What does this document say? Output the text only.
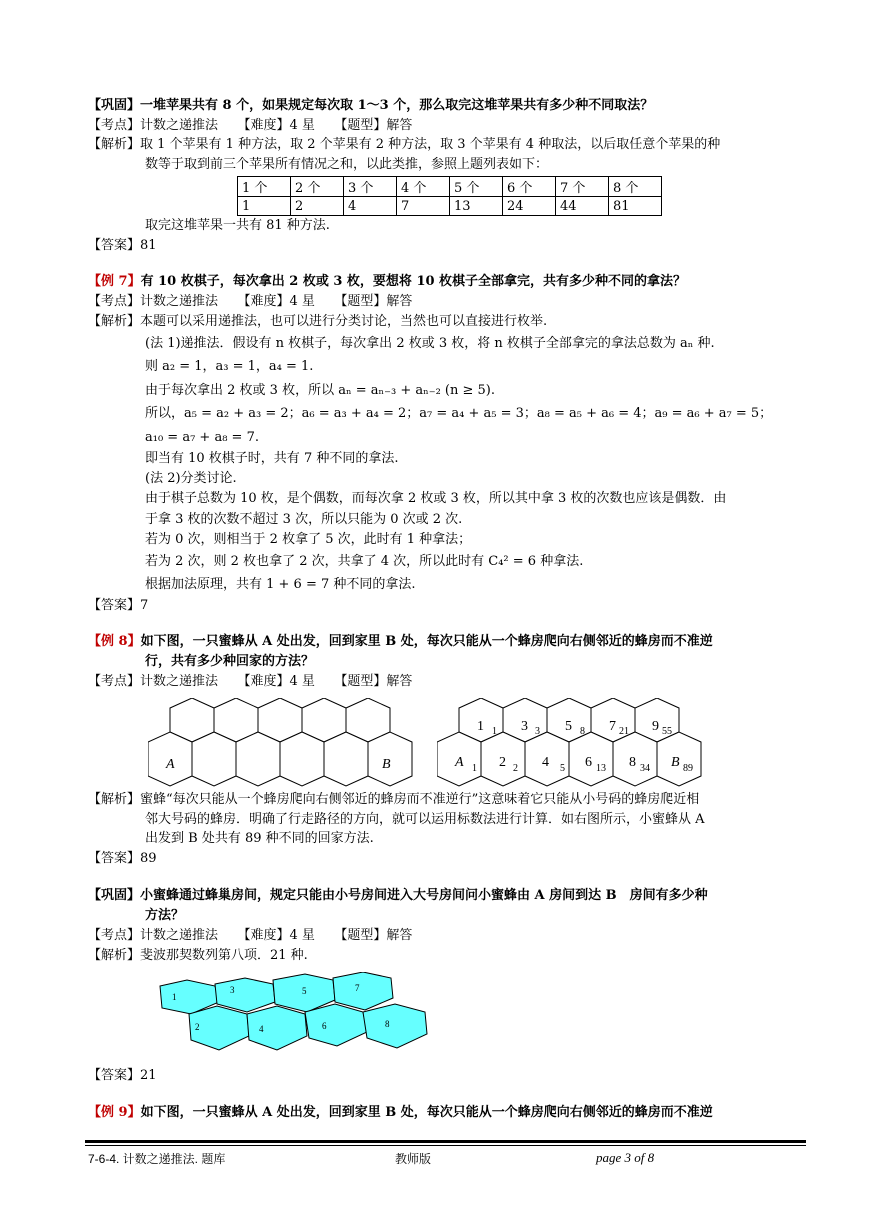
【巩固】一堆苹果共有 8 个，如果规定每次取 1～3 个，那么取完这堆苹果共有多少种不同取法？
【考点】计数之递推法　　【难度】4 星　　【题型】解答
【解析】取 1 个苹果有 1 种方法，取 2 个苹果有 2 种方法，取 3 个苹果有 4 种取法，以后取任意个苹果的种
数等于取到前三个苹果所有情况之和，以此类推，参照上题列表如下：
1 个	2 个	3 个	4 个	5 个	6 个	7 个	8 个
1	2	4	7	13	24	44	81
取完这堆苹果一共有 81 种方法.
【答案】81
【例 7】有 10 枚棋子，每次拿出 2 枚或 3 枚，要想将 10 枚棋子全部拿完，共有多少种不同的拿法？
【考点】计数之递推法　　【难度】4 星　　【题型】解答
【解析】本题可以采用递推法，也可以进行分类讨论，当然也可以直接进行枚举.
(法 1)递推法．假设有 n 枚棋子，每次拿出 2 枚或 3 枚，将 n 枚棋子全部拿完的拿法总数为 aₙ 种.
则 a₂ = 1，a₃ = 1，a₄ = 1.
由于每次拿出 2 枚或 3 枚，所以 aₙ = aₙ₋₃ + aₙ₋₂ (n ≥ 5).
所以，a₅ = a₂ + a₃ = 2；a₆ = a₃ + a₄ = 2；a₇ = a₄ + a₅ = 3；a₈ = a₅ + a₆ = 4；a₉ = a₆ + a₇ = 5；
a₁₀ = a₇ + a₈ = 7.
即当有 10 枚棋子时，共有 7 种不同的拿法.
(法 2)分类讨论.
由于棋子总数为 10 枚，是个偶数，而每次拿 2 枚或 3 枚，所以其中拿 3 枚的次数也应该是偶数．由
于拿 3 枚的次数不超过 3 次，所以只能为 0 次或 2 次.
若为 0 次，则相当于 2 枚拿了 5 次，此时有 1 种拿法；
若为 2 次，则 2 枚也拿了 2 次，共拿了 4 次，所以此时有 C₄² = 6 种拿法.
根据加法原理，共有 1 + 6 = 7 种不同的拿法.
【答案】7
【例 8】如下图，一只蜜蜂从 A 处出发，回到家里 B 处，每次只能从一个蜂房爬向右侧邻近的蜂房而不准逆
行，共有多少种回家的方法？
【考点】计数之递推法　　【难度】4 星　　【题型】解答
A	B
1 1 3 3 5 8 7 21 9 55
A 1 2 2 4 5 6 13 8 34 B 89
【解析】蜜蜂“每次只能从一个蜂房爬向右侧邻近的蜂房而不准逆行”这意味着它只能从小号码的蜂房爬近相
邻大号码的蜂房．明确了行走路径的方向，就可以运用标数法进行计算．如右图所示，小蜜蜂从 A
出发到 B 处共有 89 种不同的回家方法.
【答案】89
【巩固】小蜜蜂通过蜂巢房间，规定只能由小号房间进入大号房间问小蜜蜂由 A 房间到达 B　房间有多少种
方法？
【考点】计数之递推法　　【难度】4 星　　【题型】解答
【解析】斐波那契数列第八项．21 种.
1
2
3
4
5
6
7
8
【答案】21
【例 9】如下图，一只蜜蜂从 A 处出发，回到家里 B 处，每次只能从一个蜂房爬向右侧邻近的蜂房而不准逆
7-6-4. 计数之递推法. 题库	教师版	page 3 of 8
